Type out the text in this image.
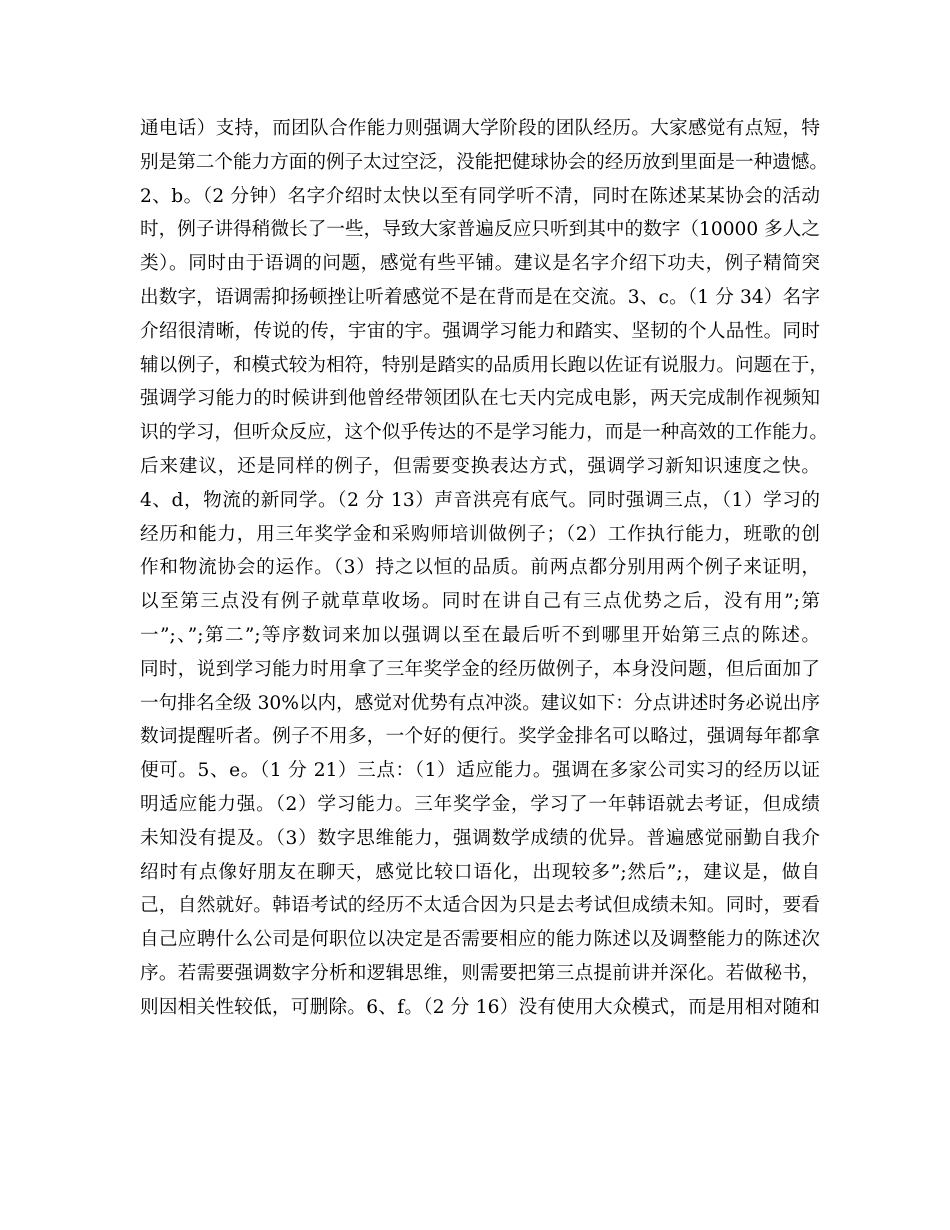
通电话）支持，而团队合作能力则强调大学阶段的团队经历。大家感觉有点短，特
别是第二个能力方面的例子太过空泛，没能把健球协会的经历放到里面是一种遗憾。
2、b。（2 分钟）名字介绍时太快以至有同学听不清，同时在陈述某某协会的活动
时，例子讲得稍微长了一些，导致大家普遍反应只听到其中的数字（10000 多人之
类）。同时由于语调的问题，感觉有些平铺。建议是名字介绍下功夫，例子精简突
出数字，语调需抑扬顿挫让听着感觉不是在背而是在交流。3、c。（1 分 34）名字
介绍很清晰，传说的传，宇宙的宇。强调学习能力和踏实、坚韧的个人品性。同时
辅以例子，和模式较为相符，特别是踏实的品质用长跑以佐证有说服力。问题在于，
强调学习能力的时候讲到他曾经带领团队在七天内完成电影，两天完成制作视频知
识的学习，但听众反应，这个似乎传达的不是学习能力，而是一种高效的工作能力。
后来建议，还是同样的例子，但需要变换表达方式，强调学习新知识速度之快。
4、d，物流的新同学。（2 分 13）声音洪亮有底气。同时强调三点，（1）学习的
经历和能力，用三年奖学金和采购师培训做例子；（2）工作执行能力，班歌的创
作和物流协会的运作。（3）持之以恒的品质。前两点都分别用两个例子来证明，
以至第三点没有例子就草草收场。同时在讲自己有三点优势之后，没有用”;第
一”;、”;第二”;等序数词来加以强调以至在最后听不到哪里开始第三点的陈述。
同时，说到学习能力时用拿了三年奖学金的经历做例子，本身没问题，但后面加了
一句排名全级 30%以内，感觉对优势有点冲淡。建议如下：分点讲述时务必说出序
数词提醒听者。例子不用多，一个好的便行。奖学金排名可以略过，强调每年都拿
便可。5、e。（1 分 21）三点：（1）适应能力。强调在多家公司实习的经历以证
明适应能力强。（2）学习能力。三年奖学金，学习了一年韩语就去考证，但成绩
未知没有提及。（3）数字思维能力，强调数学成绩的优异。普遍感觉丽勤自我介
绍时有点像好朋友在聊天，感觉比较口语化，出现较多”;然后”;，建议是，做自
己，自然就好。韩语考试的经历不太适合因为只是去考试但成绩未知。同时，要看
自己应聘什么公司是何职位以决定是否需要相应的能力陈述以及调整能力的陈述次
序。若需要强调数字分析和逻辑思维，则需要把第三点提前讲并深化。若做秘书，
则因相关性较低，可删除。6、f。（2 分 16）没有使用大众模式，而是用相对随和
